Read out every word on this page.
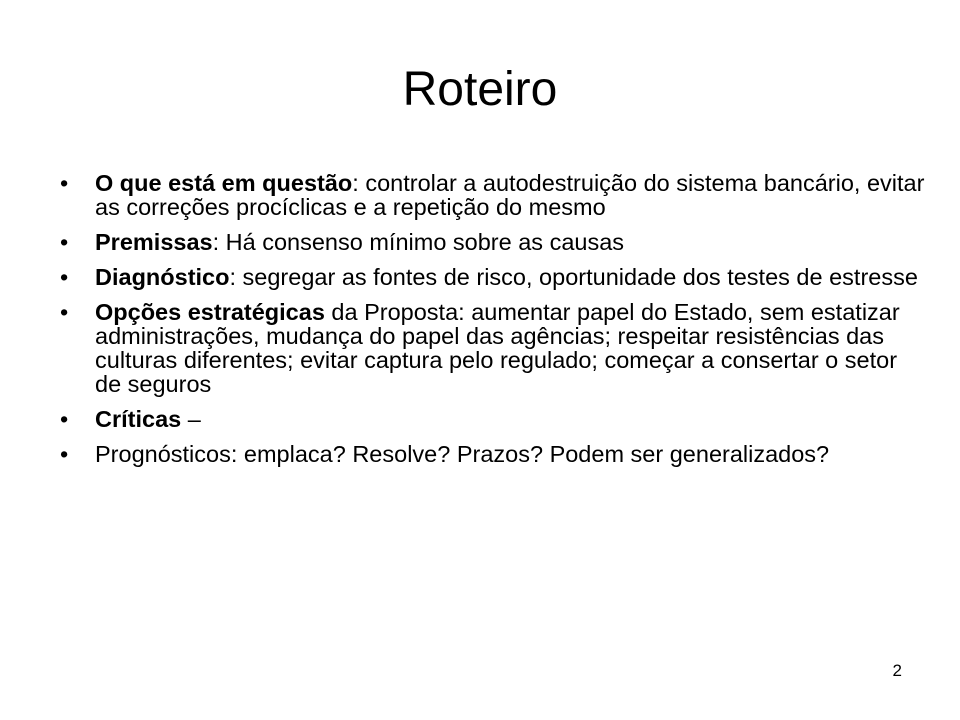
Roteiro
• O que está em questão: controlar a autodestruição do sistema bancário, evitar as correções procíclicas e a repetição do mesmo
• Premissas: Há consenso mínimo sobre as causas
• Diagnóstico: segregar as fontes de risco, oportunidade dos testes de estresse
• Opções estratégicas da Proposta: aumentar papel do Estado, sem estatizar administrações, mudança do papel das agências; respeitar resistências das culturas diferentes; evitar captura pelo regulado; começar a consertar o setor de seguros
• Críticas –
• Prognósticos: emplaca? Resolve? Prazos? Podem ser generalizados?
2
